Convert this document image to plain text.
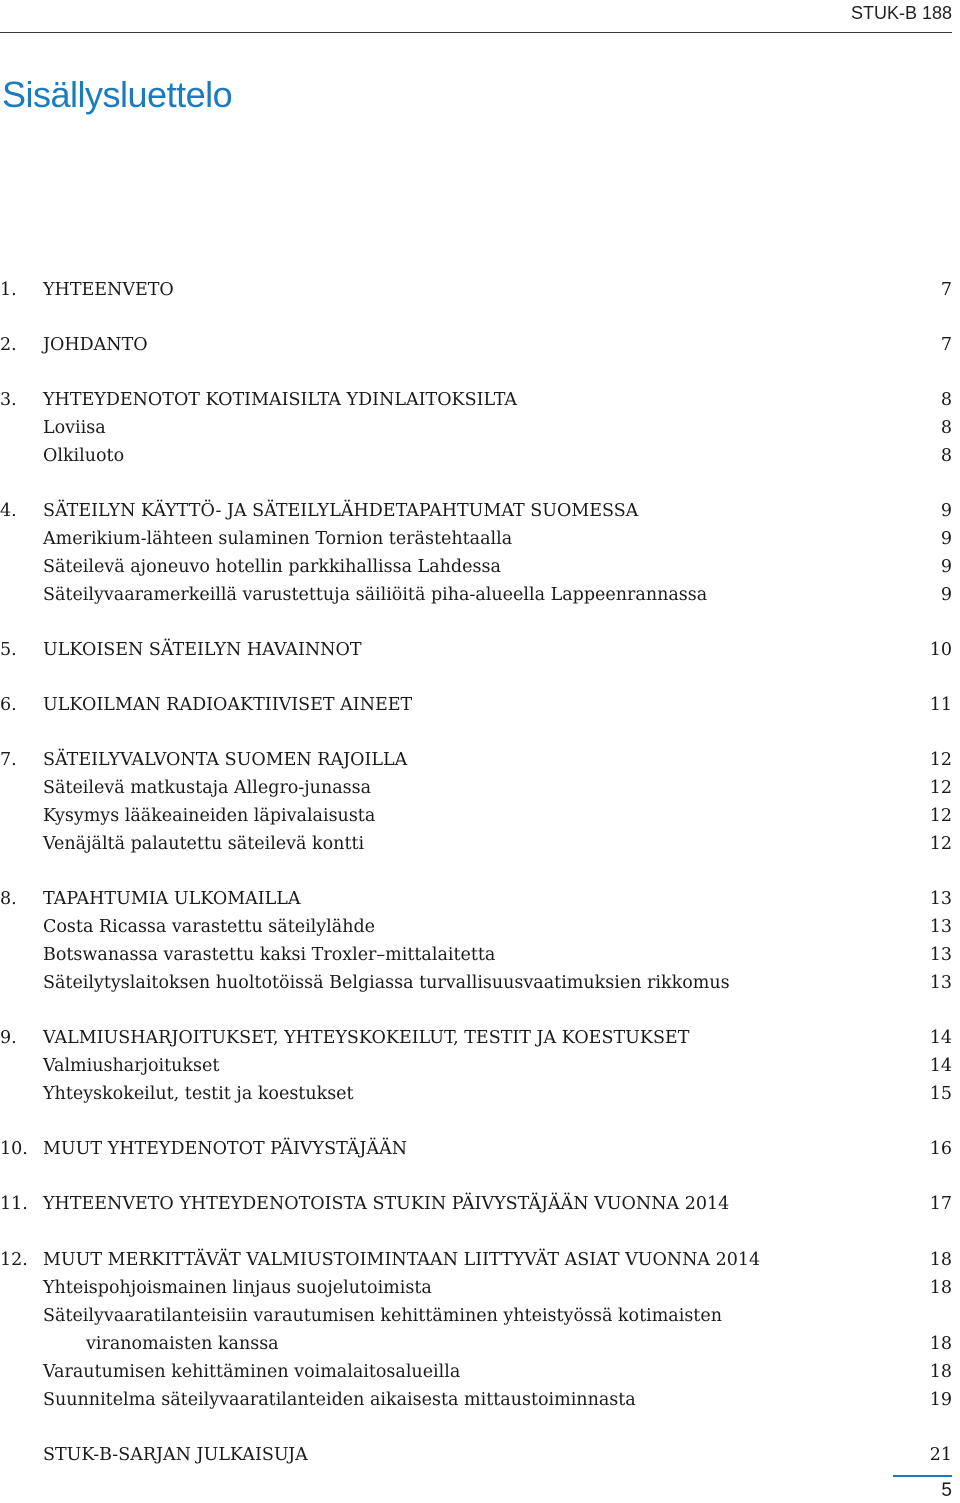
STUK-B 188
Sisällysluettelo
1. YHTEENVETO	7
2. JOHDANTO	7
3. YHTEYDENOTOT KOTIMAISILTA YDINLAITOKSILTA	8
Loviisa	8
Olkiluoto	8
4. SÄTEILYN KÄYTTÖ- JA SÄTEILYLÄHDETAPAHTUMAT SUOMESSA	9
Amerikium-lähteen sulaminen Tornion terästehtaalla	9
Säteilevä ajoneuvo hotellin parkkihallissa Lahdessa	9
Säteilyvaaramerkeillä varustettuja säiliöitä piha-alueella Lappeenrannassa	9
5. ULKOISEN SÄTEILYN HAVAINNOT	10
6. ULKOILMAN RADIOAKTIIVISET AINEET	11
7. SÄTEILYVALVONTA SUOMEN RAJOILLA	12
Säteilevä matkustaja Allegro-junassa	12
Kysymys lääkeaineiden läpivalaisusta	12
Venäjältä palautettu säteilevä kontti	12
8. TAPAHTUMIA ULKOMAILLA	13
Costa Ricassa varastettu säteilylähde	13
Botswanassa varastettu kaksi Troxler–mittalaitetta	13
Säteilytyslaitoksen huoltotöissä Belgiassa turvallisuusvaatimuksien rikkomus	13
9. VALMIUSHARJOITUKSET, YHTEYSKOKEILUT, TESTIT JA KOESTUKSET	14
Valmiusharjoitukset	14
Yhteyskokeilut, testit ja koestukset	15
10. MUUT YHTEYDENOTOT PÄIVYSTÄJÄÄN	16
11. YHTEENVETO YHTEYDENOTOISTA STUKIN PÄIVYSTÄJÄÄN VUONNA 2014	17
12. MUUT MERKITTÄVÄT VALMIUSTOIMINTAAN LIITTYVÄT ASIAT VUONNA 2014	18
Yhteispohjoismainen linjaus suojelutoimista	18
Säteilyvaaratilanteisiin varautumisen kehittäminen yhteistyössä kotimaisten
viranomaisten kanssa	18
Varautumisen kehittäminen voimalaitosalueilla	18
Suunnitelma säteilyvaaratilanteiden aikaisesta mittaustoiminnasta	19
STUK-B-SARJAN JULKAISUJA	21
5
